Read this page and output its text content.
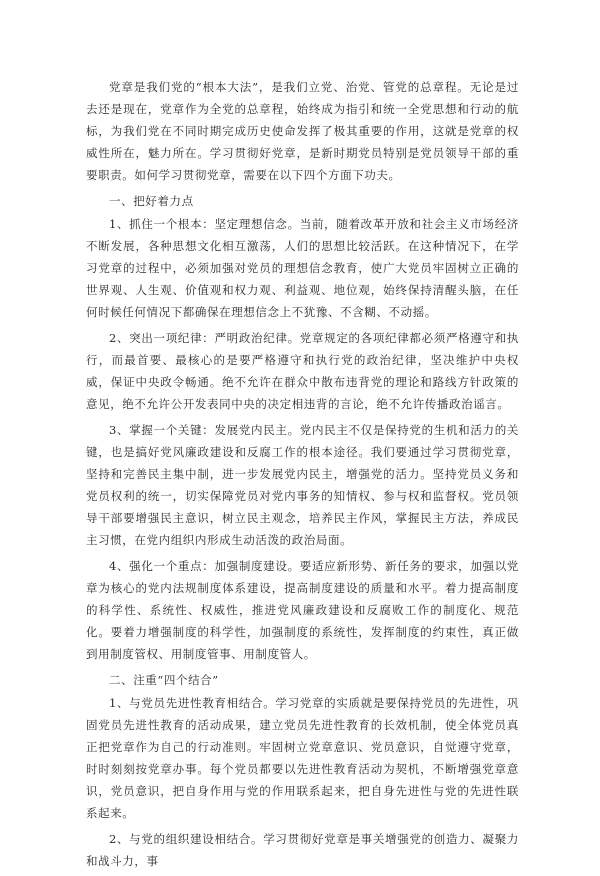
党章是我们党的“根本大法”，是我们立党、治党、管党的总章程。无论是过去还是现在，党章作为全党的总章程，始终成为指引和统一全党思想和行动的航标，为我们党在不同时期完成历史使命发挥了极其重要的作用，这就是党章的权威性所在，魅力所在。学习贯彻好党章，是新时期党员特别是党员领导干部的重要职责。如何学习贯彻党章，需要在以下四个方面下功夫。

一、把好着力点

1、抓住一个根本：坚定理想信念。当前，随着改革开放和社会主义市场经济不断发展，各种思想文化相互激荡，人们的思想比较活跃。在这种情况下，在学习党章的过程中，必须加强对党员的理想信念教育，使广大党员牢固树立正确的世界观、人生观、价值观和权力观、利益观、地位观，始终保持清醒头脑，在任何时候任何情况下都确保在理想信念上不犹豫、不含糊、不动摇。

2、突出一项纪律：严明政治纪律。党章规定的各项纪律都必须严格遵守和执行，而最首要、最核心的是要严格遵守和执行党的政治纪律，坚决维护中央权威，保证中央政令畅通。绝不允许在群众中散布违背党的理论和路线方针政策的意见，绝不允许公开发表同中央的决定相违背的言论，绝不允许传播政治谣言。

3、掌握一个关键：发展党内民主。党内民主不仅是保持党的生机和活力的关键，也是搞好党风廉政建设和反腐工作的根本途径。我们要通过学习贯彻党章，坚持和完善民主集中制，进一步发展党内民主，增强党的活力。坚持党员义务和党员权利的统一，切实保障党员对党内事务的知情权、参与权和监督权。党员领导干部要增强民主意识，树立民主观念，培养民主作风，掌握民主方法，养成民主习惯，在党内组织内形成生动活泼的政治局面。

4、强化一个重点：加强制度建设。要适应新形势、新任务的要求，加强以党章为核心的党内法规制度体系建设，提高制度建设的质量和水平。着力提高制度的科学性、系统性、权威性，推进党风廉政建设和反腐败工作的制度化、规范化。要着力增强制度的科学性，加强制度的系统性，发挥制度的约束性，真正做到用制度管权、用制度管事、用制度管人。

二、注重“四个结合”

1、与党员先进性教育相结合。学习党章的实质就是要保持党员的先进性，巩固党员先进性教育的活动成果，建立党员先进性教育的长效机制，使全体党员真正把党章作为自己的行动准则。牢固树立党章意识、党员意识，自觉遵守党章，时时刻刻按党章办事。每个党员都要以先进性教育活动为契机，不断增强党章意识，党员意识，把自身作用与党的作用联系起来，把自身先进性与党的先进性联系起来。

2、与党的组织建设相结合。学习贯彻好党章是事关增强党的创造力、凝聚力和战斗力，事
